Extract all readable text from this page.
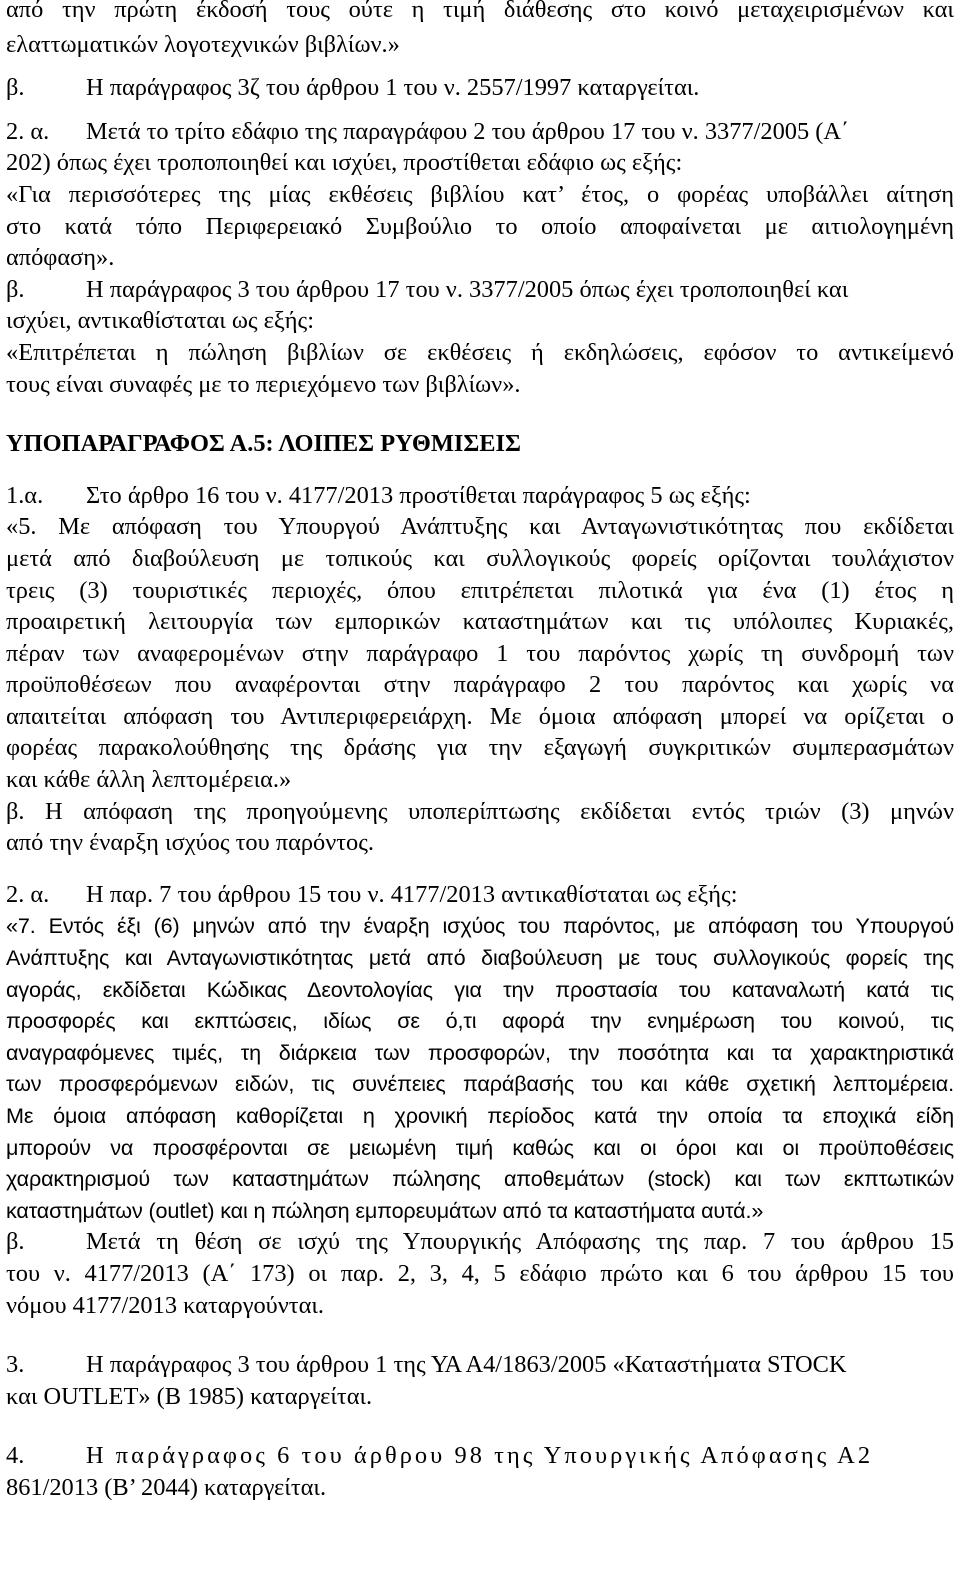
από την πρώτη έκδοσή τους ούτε η τιμή διάθεσης στο κοινό μεταχειρισμένων και
ελαττωματικών λογοτεχνικών βιβλίων.»
β.	Η παράγραφος 3ζ του άρθρου 1 του ν. 2557/1997 καταργείται.
2. α. Μετά το τρίτο εδάφιο της παραγράφου 2 του άρθρου 17 του ν. 3377/2005 (Α΄
202) όπως έχει τροποποιηθεί και ισχύει, προστίθεται εδάφιο ως εξής:
«Για περισσότερες της μίας εκθέσεις βιβλίου κατ’ έτος, ο φορέας υποβάλλει αίτηση
στο κατά τόπο Περιφερειακό Συμβούλιο το οποίο αποφαίνεται με αιτιολογημένη
απόφαση».
β.	Η παράγραφος 3 του άρθρου 17 του ν. 3377/2005 όπως έχει τροποποιηθεί και
ισχύει, αντικαθίσταται ως εξής:
«Επιτρέπεται η πώληση βιβλίων σε εκθέσεις ή εκδηλώσεις, εφόσον το αντικείμενό
τους είναι συναφές με το περιεχόμενο των βιβλίων».
ΥΠΟΠΑΡΑΓΡΑΦΟΣ Α.5: ΛΟΙΠΕΣ ΡΥΘΜΙΣΕΙΣ
1.α. Στο άρθρο 16 του ν. 4177/2013 προστίθεται παράγραφος 5 ως εξής:
«5. Με απόφαση του Υπουργού Ανάπτυξης και Ανταγωνιστικότητας που εκδίδεται
μετά από διαβούλευση με τοπικούς και συλλογικούς φορείς ορίζονται τουλάχιστον
τρεις (3) τουριστικές περιοχές, όπου επιτρέπεται πιλοτικά για ένα (1) έτος η
προαιρετική λειτουργία των εμπορικών καταστημάτων και τις υπόλοιπες Κυριακές,
πέραν των αναφερομένων στην παράγραφο 1 του παρόντος χωρίς τη συνδρομή των
προϋποθέσεων που αναφέρονται στην παράγραφο 2 του παρόντος και χωρίς να
απαιτείται απόφαση του Αντιπεριφερειάρχη. Με όμοια απόφαση μπορεί να ορίζεται ο
φορέας παρακολούθησης της δράσης για την εξαγωγή συγκριτικών συμπερασμάτων
και κάθε άλλη λεπτομέρεια.»
β. Η απόφαση της προηγούμενης υποπερίπτωσης εκδίδεται εντός τριών (3) μηνών
από την έναρξη ισχύος του παρόντος.
2. α. Η παρ. 7 του άρθρου 15 του ν. 4177/2013 αντικαθίσταται ως εξής:
«7. Εντός έξι (6) μηνών από την έναρξη ισχύος του παρόντος, με απόφαση του Υπουργού
Ανάπτυξης και Ανταγωνιστικότητας μετά από διαβούλευση με τους συλλογικούς φορείς της
αγοράς, εκδίδεται Κώδικας Δεοντολογίας για την προστασία του καταναλωτή κατά τις
προσφορές και εκπτώσεις, ιδίως σε ό,τι αφορά την ενημέρωση του κοινού, τις
αναγραφόμενες τιμές, τη διάρκεια των προσφορών, την ποσότητα και τα χαρακτηριστικά
των προσφερόμενων ειδών, τις συνέπειες παράβασής του και κάθε σχετική λεπτομέρεια.
Με όμοια απόφαση καθορίζεται η χρονική περίοδος κατά την οποία τα εποχικά είδη
μπορούν να προσφέρονται σε μειωμένη τιμή καθώς και οι όροι και οι προϋποθέσεις
χαρακτηρισμού των καταστημάτων πώλησης αποθεμάτων (stock) και των εκπτωτικών
καταστημάτων (outlet) και η πώληση εμπορευμάτων από τα καταστήματα αυτά.»
β.	Μετά τη θέση σε ισχύ της Υπουργικής Απόφασης της παρ. 7 του άρθρου 15
του ν. 4177/2013 (Α΄ 173) οι παρ. 2, 3, 4, 5 εδάφιο πρώτο και 6 του άρθρου 15 του
νόμου 4177/2013 καταργούνται.
3.	Η παράγραφος 3 του άρθρου 1 της ΥΑ Α4/1863/2005 «Καταστήματα STOCK
και OUTLET» (Β 1985) καταργείται.
4.	Η παράγραφος 6 του άρθρου 98 της Υπουργικής Απόφασης Α2
861/2013 (Β’ 2044) καταργείται.
